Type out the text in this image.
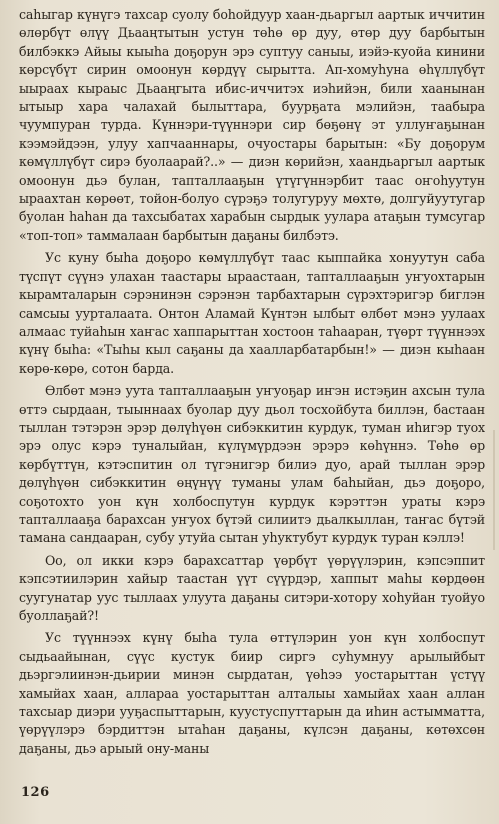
саhыгар күнүгэ тахсар суолу боhойдуур хаан-дьаргыл аартык иччитин өлөрбүт өлүү Дьааңтытын устун төhө өр дуу, өтөр дуу барбытын билбэккэ Айыы кыыhа доҕорун эрэ суптуу саныы, иэйэ-куойа кинини көрсүбүт сирин омоонун көрдүү сырытта. Ап-хомуhуна өhүллүбүт ыыраах кыраыс Дьааңгыта ибис-иччитэх иэhийэн, били хаанынан ытыыр хара чалахай былыттара, буурҕата мэлийэн, таабыра чуумпуран турда. Күннэри-түүннэри сир бөҕөнү эт уллуҥаҕынан кээмэйдээн, улуу хапчааннары, очуостары барытын: «Бу доҕорум көмүллүбүт сирэ буолаарай?..» — диэн көрийэн, хаандьаргыл аартык омоонун дьэ булан, тапталлааҕын үтүгүннэрбит таас оҥоhуутун ыраахтан көрөөт, тойон-болуо сүрэҕэ толугуруу мөхтө, долгуйуутугар буолан hаhан да тахсыбатах харабын сырдык уулара атаҕын тумсугар «топ-топ» таммалаан барбытын даҕаны билбэтэ.

Ус куну быhа доҕоро көмүллүбүт таас кыппайка хонуутун саба түспүт сүүнэ улахан таастары ыраастаан, тапталлааҕын уҥуохтарын кырамталарын сэрэнинэн сэрэнэн тарбахтарын сүрэхтэригэр биглэн самсыы уурталаата. Онтон Аламай Күнтэн ылбыт өлбөт мэнэ уулаах алмаас туйаhын хаҥас хаппарыттан хостоон таhааран, түөрт түүннээх күнү быhа: «Тыhы кыл саҕаны да хаалларбатарбын!» — диэн кыhаан көрө-көрө, сотон барда.

Өлбөт мэнэ уута тапталлааҕын уҥуоҕар иҥэн истэҕин ахсын тула өттэ сырдаан, тыыннаах буолар дуу дьол тосхойбута биллэн, бастаан тыллан тэтэрэн эрэр дөлүhүөн сибэккитин курдук, туман иhигэр туох эрэ олус кэрэ туналыйан, күлүмүрдээн эрэрэ көhүннэ. Төhө өр көрбүттүн, кэтэспитин ол түгэнигэр билиэ дуо, арай тыллан эрэр дөлүhүөн сибэккитин өңүнүү туманы улам баhыйан, дьэ доҕоро, соҕотохто уон күн холбоспутун курдук кэрэттэн ураты кэрэ тапталлааҕа барахсан уҥуох бүтэй силиитэ дьалкыллан, таҥас бүтэй тамана сандааран, субу утуйа сытан уhуктубут курдук туран кэллэ!

Оо, ол икки кэрэ барахсаттар үөрбүт үөрүүлэрин, кэпсэппит кэпсэтиилэрин хайыр таастан үүт сүүрдэр, хаппыт маhы көрдөөн суугунатар уус тыллаах улуута даҕаны ситэри-хотору хоhуйан туойуо буоллаҕай?!

Ус түүннээх күнү быhа тула өттүлэрин уон күн холбоспут сыдьаайынан, сүүс кустук биир сиргэ суhумнуу арылыйбыт дьэргэлиинэн-дьирии минэн сырдатан, үөhээ уостарыттан үстүү хамыйах хаан, аллараа уостарыттан алталыы хамыйах хаан аллан тахсыар диэри ууҕаспыттарын, куустуспуттарын да иhин астымматта, үөрүүлэрэ бэрдиттэн ытаhан даҕаны, күлсэн даҕаны, көтөхсөн даҕаны, дьэ арыый ону-маны

126
